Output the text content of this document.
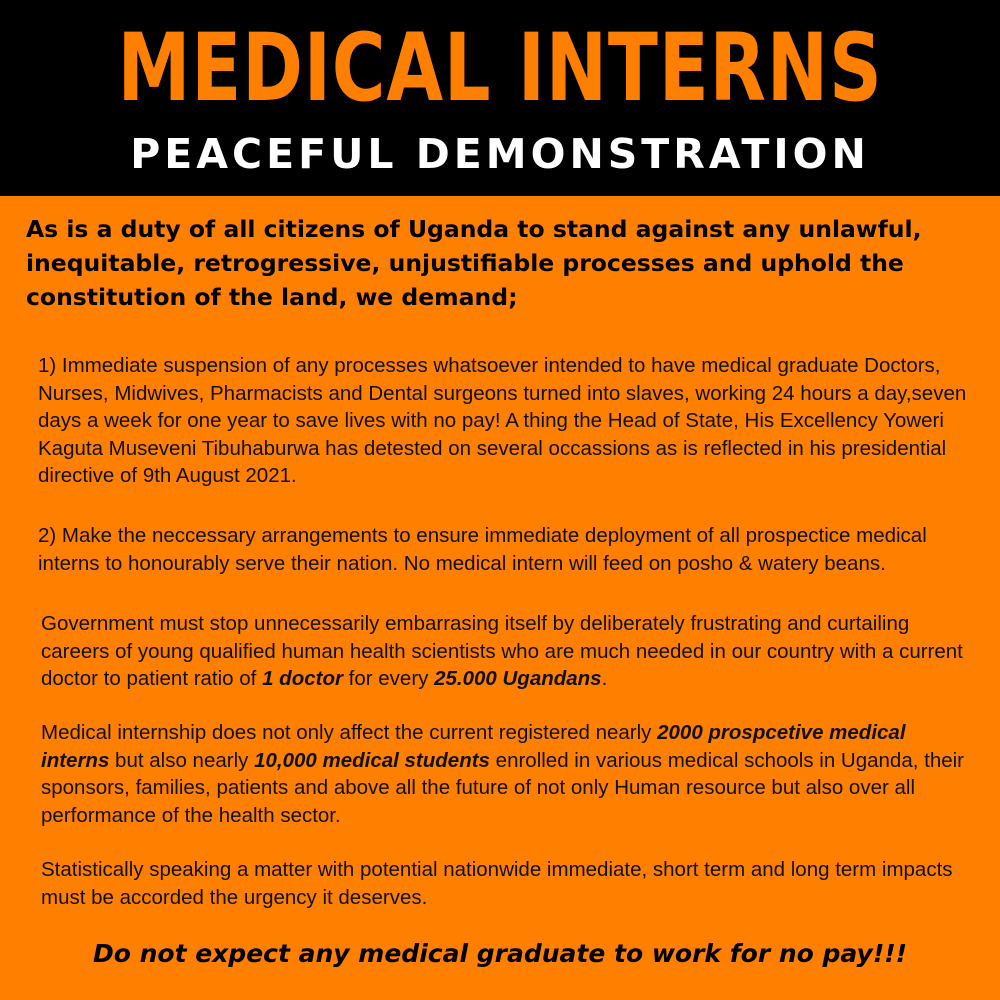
MEDICAL INTERNS
PEACEFUL DEMONSTRATION

As is a duty of all citizens of Uganda to stand against any unlawful, inequitable, retrogressive, unjustifiable processes and uphold the constitution of the land, we demand;

1) Immediate suspension of any processes whatsoever intended to have medical graduate Doctors, Nurses, Midwives, Pharmacists and Dental surgeons turned into slaves, working 24 hours a day,seven days a week for one year to save lives with no pay! A thing the Head of State, His Excellency Yoweri Kaguta Museveni Tibuhaburwa has detested on several occassions as is reflected in his presidential directive of 9th August 2021.

2) Make the neccessary arrangements to ensure immediate deployment of all prospectice medical interns to honourably serve their nation. No medical intern will feed on posho & watery beans.

Government must stop unnecessarily embarrasing itself by deliberately frustrating and curtailing careers of young qualified human health scientists who are much needed in our country with a current doctor to patient ratio of 1 doctor for every 25.000 Ugandans.

Medical internship does not only affect the current registered nearly 2000 prospcetive medical interns but also nearly 10,000 medical students enrolled in various medical schools in Uganda, their sponsors, families, patients and above all the future of not only Human resource but also over all performance of the health sector.

Statistically speaking a matter with potential nationwide immediate, short term and long term impacts must be accorded the urgency it deserves.

Do not expect any medical graduate to work for no pay!!!
